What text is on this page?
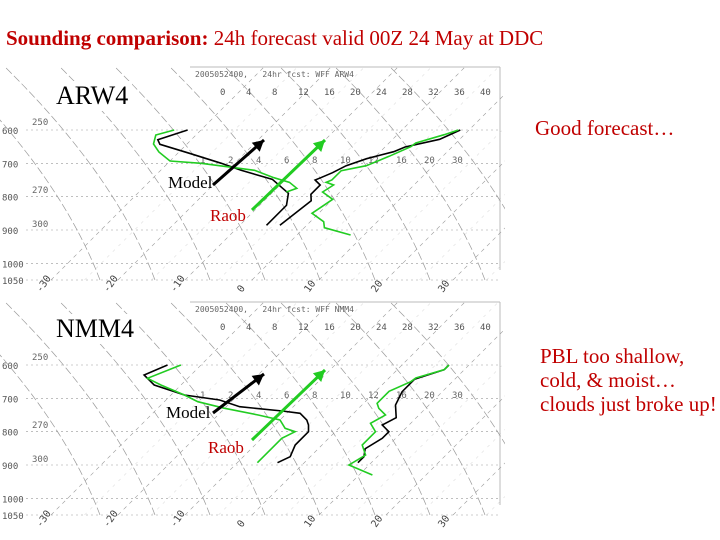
Sounding comparison: 24h forecast valid 00Z 24 May at DDC
600
700
800
900
1000
1050 -30	-20	-10	0	10	20	30
250
270
300
0 4 8 12 16 20 24 28 32 36 40
1	2	4	6	8	10 12 16 20 30
2005052400,   24hr fcst: WFF ARW4
ARW4
Model
Raob
Good forecast…
600
700
800
900
1000
1050 -30	-20	-10	0	10	20	30
250
270
300
0 4 8 12 16 20 24 28 32 36 40
1	2	4	6	8	10 12 16 20 30
2005052400,   24hr fcst: WFF NMM4
NMM4
Model
Raob
PBL too shallow, cold, & moist… clouds just broke up!
